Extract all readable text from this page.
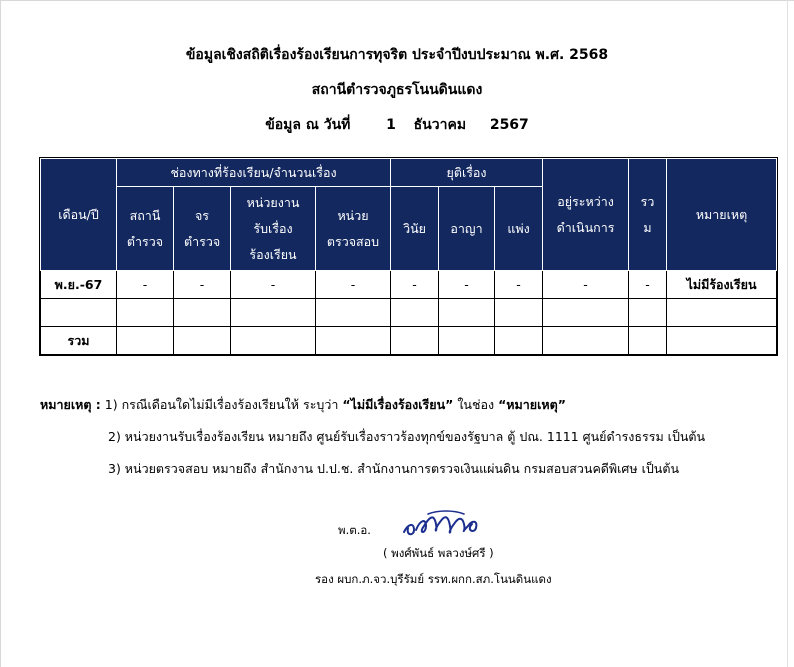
ข้อมูลเชิงสถิติเรื่องร้องเรียนการทุจริต ประจำปีงบประมาณ พ.ศ. 2568
สถานีตำรวจภูธรโนนดินแดง
ข้อมูล ณ วันที่	1 ธันวาคม 2567
เดือน/ปี	ช่องทางที่ร้องเรียน/จำนวนเรื่อง				ยุติเรื่อง			อยู่ระหว่าง ดำเนินการ	รว ม	หมายเหตุ
	สถานี ตำรวจ	จร ตำรวจ	หน่วยงาน รับเรื่อง ร้องเรียน	หน่วย ตรวจสอบ	วินัย	อาญา	แพ่ง			
พ.ย.-67	-	-	-	-	-	-	-	-	-	ไม่มีร้องเรียน

รวม										
หมายเหตุ : 1) กรณีเดือนใดไม่มีเรื่องร้องเรียนให้ ระบุว่า “ไม่มีเรื่องร้องเรียน” ในช่อง “หมายเหตุ”
2) หน่วยงานรับเรื่องร้องเรียน หมายถึง ศูนย์รับเรื่องราวร้องทุกข์ของรัฐบาล ตู้ ปณ. 1111 ศูนย์ดำรงธรรม เป็นต้น
3) หน่วยตรวจสอบ หมายถึง สำนักงาน ป.ป.ช. สำนักงานการตรวจเงินแผ่นดิน กรมสอบสวนคดีพิเศษ เป็นต้น
พ.ต.อ.
( พงศ์พันธ์ พลวงษ์ศรี )
รอง ผบก.ภ.จว.บุรีรัมย์ รรท.ผกก.สภ.โนนดินแดง
